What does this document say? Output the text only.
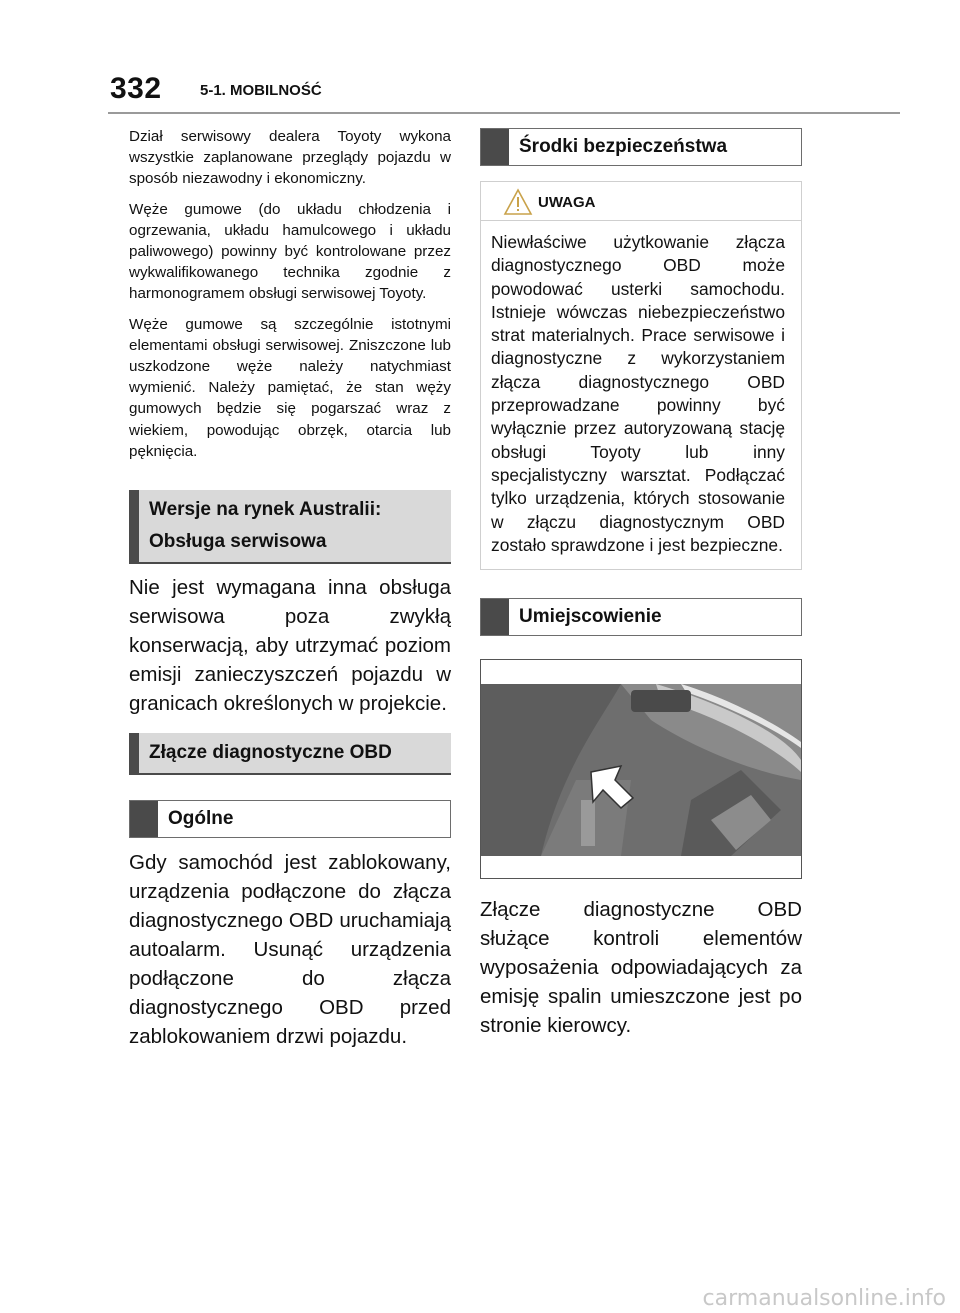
332	5-1. MOBILNOŚĆ

Dział serwisowy dealera Toyoty wykona wszystkie zaplanowane przeglądy pojazdu w sposób niezawodny i ekonomiczny.

Węże gumowe (do układu chłodzenia i ogrzewania, układu hamulcowego i układu paliwowego) powinny być kontrolowane przez wykwalifikowanego technika zgodnie z harmonogramem obsługi serwisowej Toyoty.

Węże gumowe są szczególnie istotnymi elementami obsługi serwisowej. Zniszczone lub uszkodzone węże należy natychmiast wymienić. Należy pamiętać, że stan węży gumowych będzie się pogarszać wraz z wiekiem, powodując obrzęk, otarcia lub pęknięcia.

Wersje na rynek Australii: Obsługa serwisowa

Nie jest wymagana inna obsługa serwisowa poza zwykłą konserwacją, aby utrzymać poziom emisji zanieczyszczeń pojazdu w granicach określonych w projekcie.

Złącze diagnostyczne OBD
Ogólne

Gdy samochód jest zablokowany, urządzenia podłączone do złącza diagnostycznego OBD uruchamiają autoalarm. Usunąć urządzenia podłączone do złącza diagnostycznego OBD przed zablokowaniem drzwi pojazdu.

Środki bezpieczeństwa
UWAGA

Niewłaściwe użytkowanie złącza diagnostycznego OBD może powodować usterki samochodu. Istnieje wówczas niebezpieczeństwo strat materialnych. Prace serwisowe i diagnostyczne z wykorzystaniem złącza diagnostycznego OBD przeprowadzane powinny być wyłącznie przez autoryzowaną stację obsługi Toyoty lub inny specjalistyczny warsztat. Podłączać tylko urządzenia, których stosowanie w złączu diagnostycznym OBD zostało sprawdzone i jest bezpieczne.

Umiejscowienie

Złącze diagnostyczne OBD służące kontroli elementów wyposażenia odpowiadających za emisję spalin umieszczone jest po stronie kierowcy.

carmanualsonline.info
